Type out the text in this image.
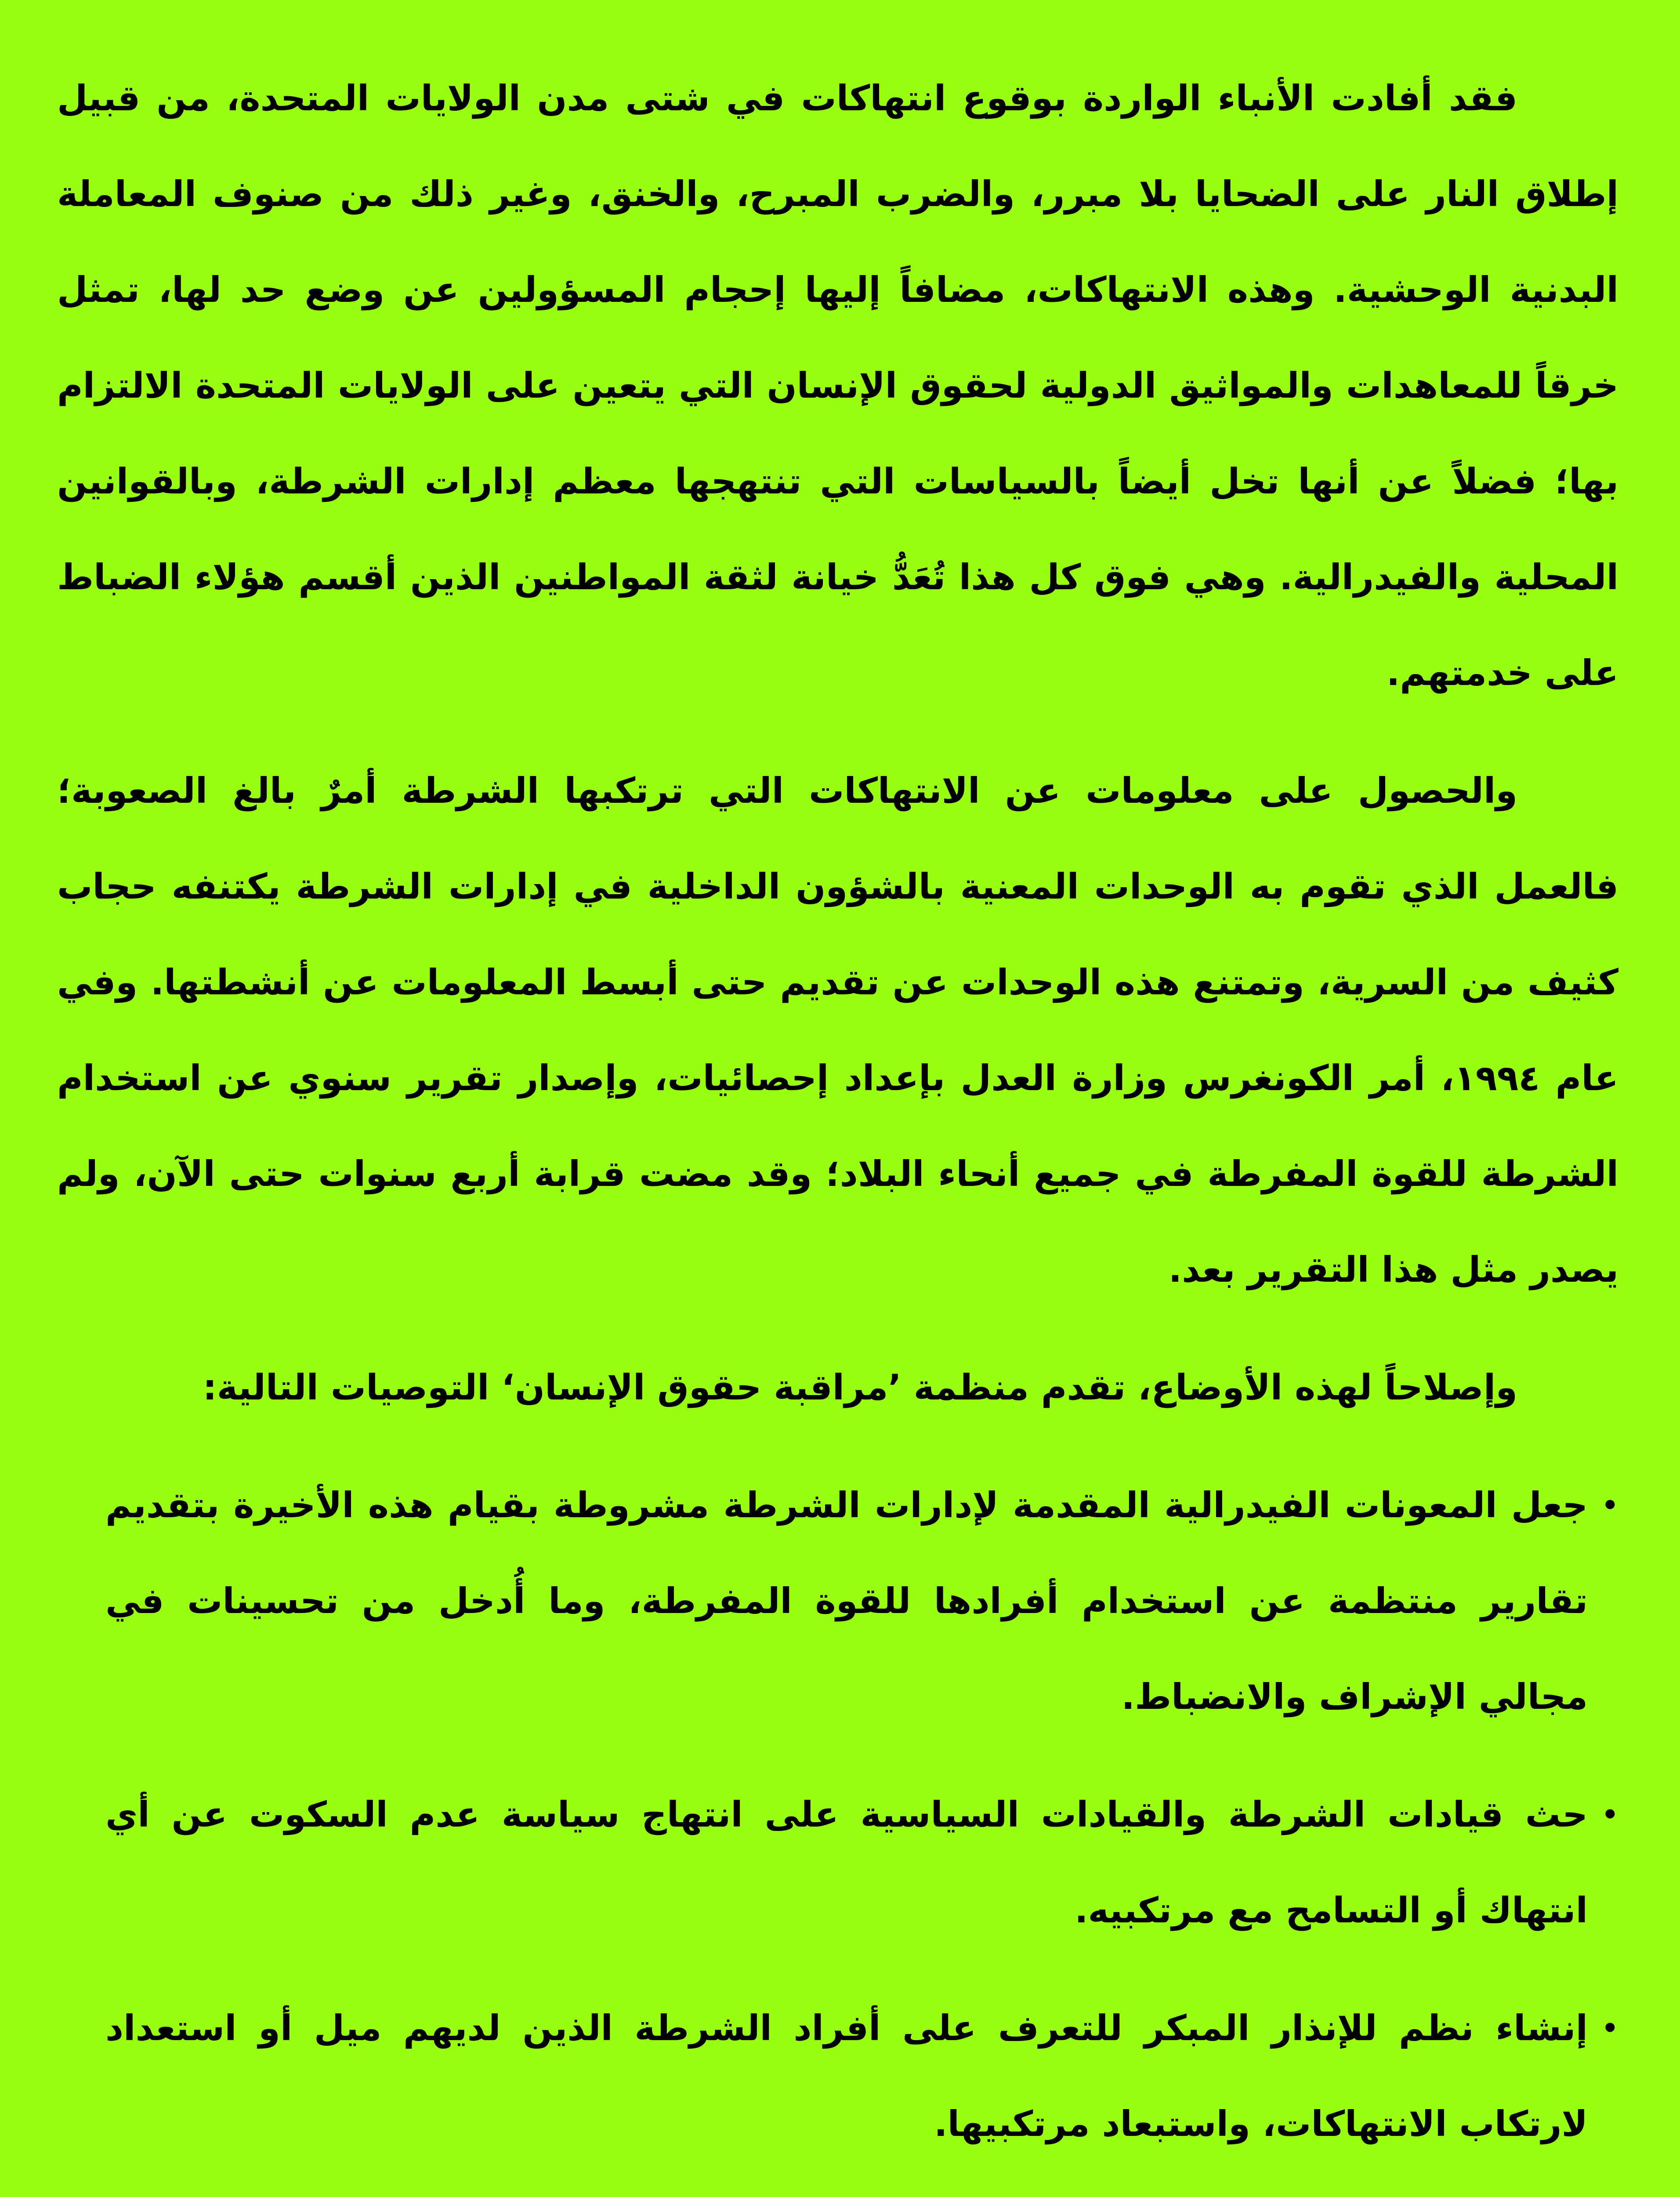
فقد أفادت الأنباء الواردة بوقوع انتهاكات في شتى مدن الولايات المتحدة، من قبيل إطلاق النار على الضحايا بلا مبرر، والضرب المبرح، والخنق، وغير ذلك من صنوف المعاملة البدنية الوحشية. وهذه الانتهاكات، مضافاً إليها إحجام المسؤولين عن وضع حد لها، تمثل خرقاً للمعاهدات والمواثيق الدولية لحقوق الإنسان التي يتعين على الولايات المتحدة الالتزام بها؛ فضلاً عن أنها تخل أيضاً بالسياسات التي تنتهجها معظم إدارات الشرطة، وبالقوانين المحلية والفيدرالية. وهي فوق كل هذا تُعَدُّ خيانة لثقة المواطنين الذين أقسم هؤلاء الضباط على خدمتهم.

والحصول على معلومات عن الانتهاكات التي ترتكبها الشرطة أمرٌ بالغ الصعوبة؛ فالعمل الذي تقوم به الوحدات المعنية بالشؤون الداخلية في إدارات الشرطة يكتنفه حجاب كثيف من السرية، وتمتنع هذه الوحدات عن تقديم حتى أبسط المعلومات عن أنشطتها. وفي عام ١٩٩٤، أمر الكونغرس وزارة العدل بإعداد إحصائيات، وإصدار تقرير سنوي عن استخدام الشرطة للقوة المفرطة في جميع أنحاء البلاد؛ وقد مضت قرابة أربع سنوات حتى الآن، ولم يصدر مثل هذا التقرير بعد.

وإصلاحاً لهذه الأوضاع، تقدم منظمة ’مراقبة حقوق الإنسان‘ التوصيات التالية:

•
جعل المعونات الفيدرالية المقدمة لإدارات الشرطة مشروطة بقيام هذه الأخيرة بتقديم تقارير منتظمة عن استخدام أفرادها للقوة المفرطة، وما أُدخل من تحسينات في مجالي الإشراف والانضباط.
•
حث قيادات الشرطة والقيادات السياسية على انتهاج سياسة عدم السكوت عن أي انتهاك أو التسامح مع مرتكبيه.
•
إنشاء نظم للإنذار المبكر للتعرف على أفراد الشرطة الذين لديهم ميل أو استعداد لارتكاب الانتهاكات، واستبعاد مرتكبيها.
